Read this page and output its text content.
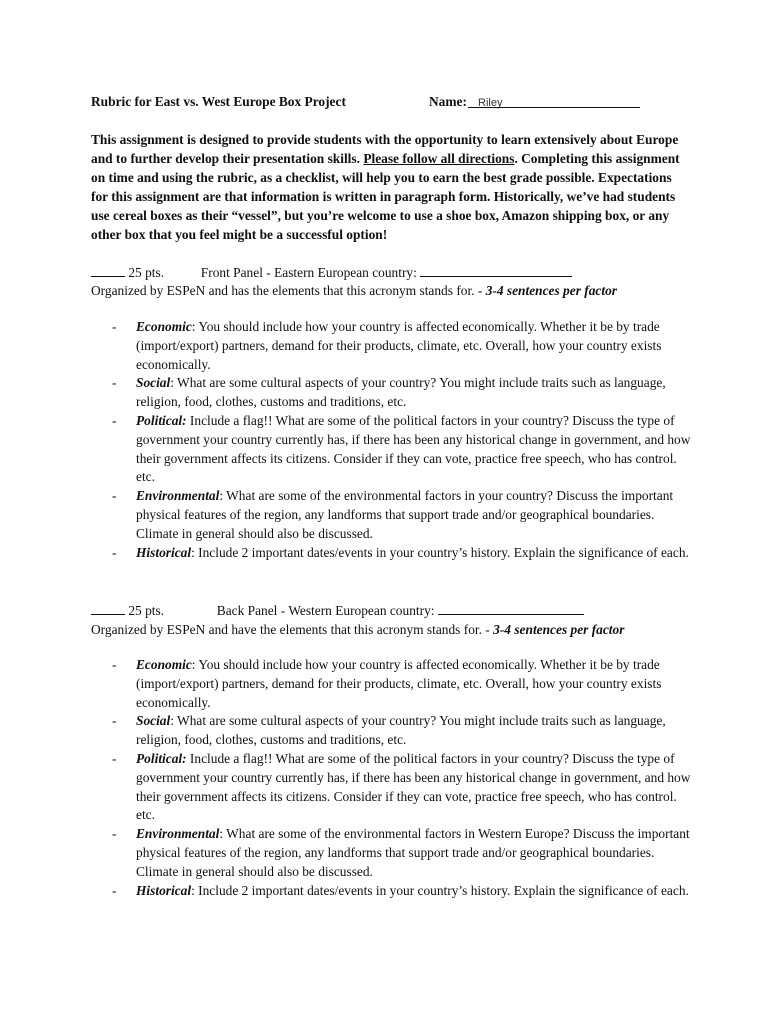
Rubric for East vs. West Europe Box Project	Name: Riley

This assignment is designed to provide students with the opportunity to learn extensively about Europe and to further develop their presentation skills. Please follow all directions. Completing this assignment on time and using the rubric, as a checklist, will help you to earn the best grade possible. Expectations for this assignment are that information is written in paragraph form. Historically, we’ve had students use cereal boxes as their “vessel”, but you’re welcome to use a shoe box, Amazon shipping box, or any other box that you feel might be a successful option!

25 pts.	Front Panel - Eastern European country:
Organized by ESPeN and has the elements that this acronym stands for. - 3-4 sentences per factor
- Economic: You should include how your country is affected economically. Whether it be by trade (import/export) partners, demand for their products, climate, etc. Overall, how your country exists economically.
- Social: What are some cultural aspects of your country? You might include traits such as language, religion, food, clothes, customs and traditions, etc.
- Political: Include a flag!! What are some of the political factors in your country? Discuss the type of government your country currently has, if there has been any historical change in government, and how their government affects its citizens. Consider if they can vote, practice free speech, who has control. etc.
- Environmental: What are some of the environmental factors in your country? Discuss the important physical features of the region, any landforms that support trade and/or geographical boundaries. Climate in general should also be discussed.
- Historical: Include 2 important dates/events in your country’s history. Explain the significance of each.
25 pts.	Back Panel - Western European country:
Organized by ESPeN and have the elements that this acronym stands for. - 3-4 sentences per factor
- Economic: You should include how your country is affected economically. Whether it be by trade (import/export) partners, demand for their products, climate, etc. Overall, how your country exists economically.
- Social: What are some cultural aspects of your country? You might include traits such as language, religion, food, clothes, customs and traditions, etc.
- Political: Include a flag!! What are some of the political factors in your country? Discuss the type of government your country currently has, if there has been any historical change in government, and how their government affects its citizens. Consider if they can vote, practice free speech, who has control. etc.
- Environmental: What are some of the environmental factors in Western Europe? Discuss the important physical features of the region, any landforms that support trade and/or geographical boundaries. Climate in general should also be discussed.
- Historical: Include 2 important dates/events in your country’s history. Explain the significance of each.
